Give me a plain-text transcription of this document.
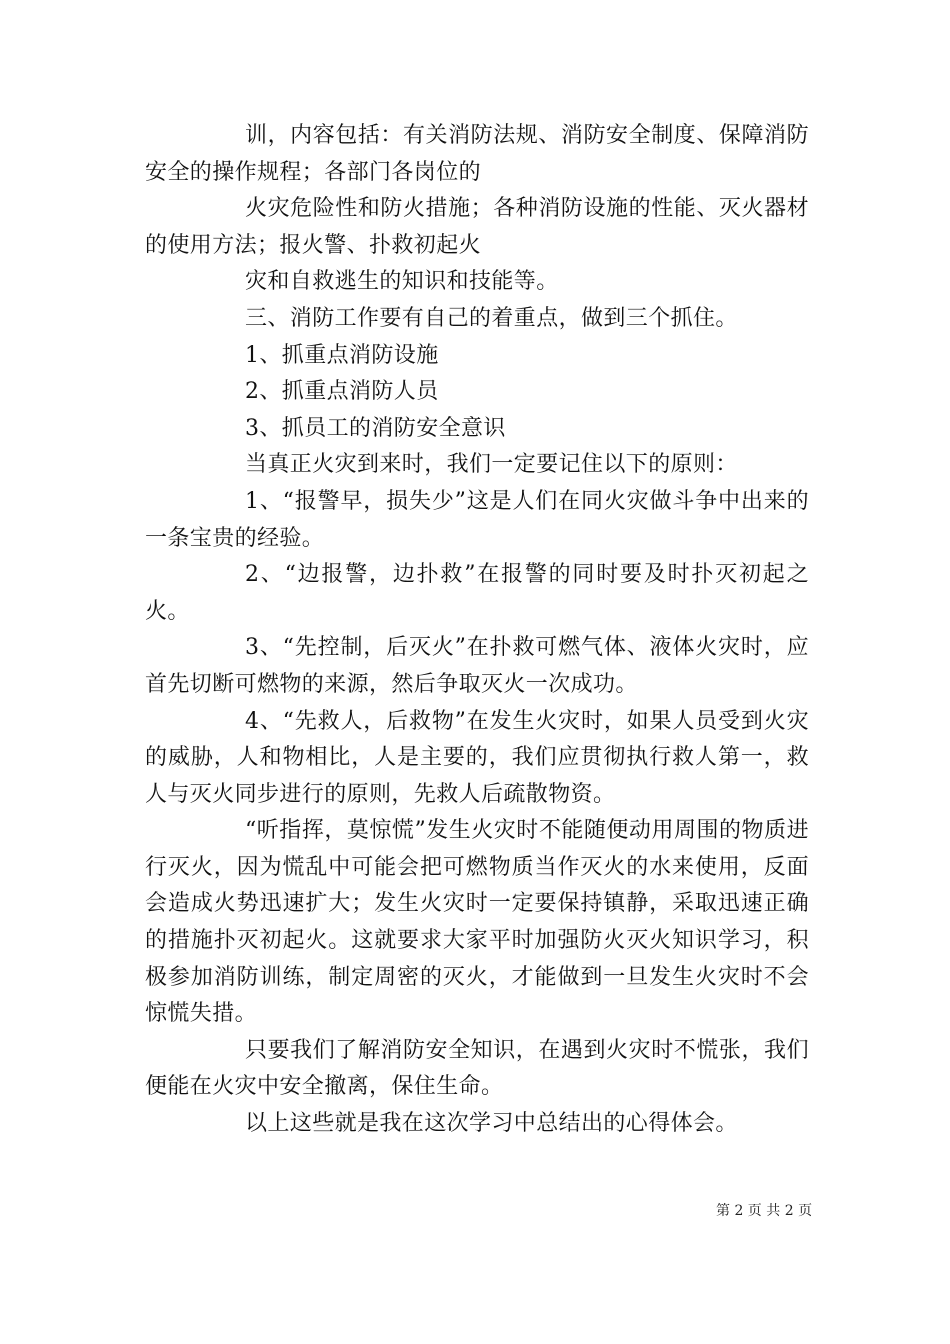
训，内容包括：有关消防法规、消防安全制度、保障消防安全的操作规程；各部门各岗位的

火灾危险性和防火措施；各种消防设施的性能、灭火器材的使用方法；报火警、扑救初起火

灾和自救逃生的知识和技能等。

三、消防工作要有自己的着重点，做到三个抓住。

1、抓重点消防设施

2、抓重点消防人员

3、抓员工的消防安全意识

当真正火灾到来时，我们一定要记住以下的原则：

1、“报警早，损失少”这是人们在同火灾做斗争中出来的一条宝贵的经验。

2、“边报警，边扑救”在报警的同时要及时扑灭初起之火。

3、“先控制，后灭火”在扑救可燃气体、液体火灾时，应首先切断可燃物的来源，然后争取灭火一次成功。

4、“先救人，后救物”在发生火灾时，如果人员受到火灾的威胁，人和物相比，人是主要的，我们应贯彻执行救人第一，救人与灭火同步进行的原则，先救人后疏散物资。

“听指挥，莫惊慌”发生火灾时不能随便动用周围的物质进行灭火，因为慌乱中可能会把可燃物质当作灭火的水来使用，反面会造成火势迅速扩大；发生火灾时一定要保持镇静，采取迅速正确的措施扑灭初起火。这就要求大家平时加强防火灭火知识学习，积极参加消防训练，制定周密的灭火，才能做到一旦发生火灾时不会惊慌失措。

只要我们了解消防安全知识，在遇到火灾时不慌张，我们便能在火灾中安全撤离，保住生命。

以上这些就是我在这次学习中总结出的心得体会。

第 2 页 共 2 页
